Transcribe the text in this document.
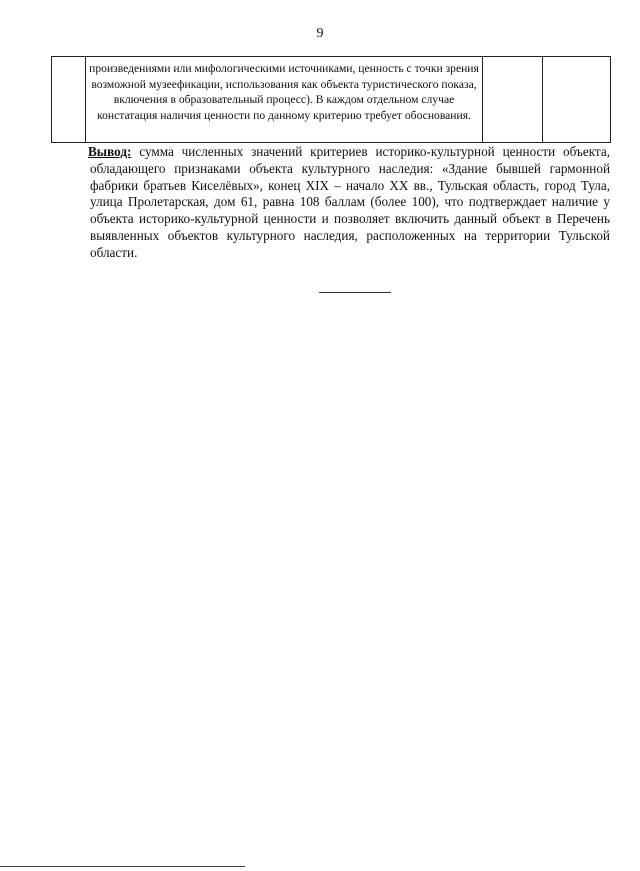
9
	произведениями или мифологическими источниками, ценность с точки зрения возможной музеефикации, использования как объекта туристического показа, включения в образовательный процесс). В каждом отдельном случае констатация наличия ценности по данному критерию требует обоснования.		
Вывод: сумма численных значений критериев историко-культурной ценности объекта, обладающего признаками объекта культурного наследия: «Здание бывшей гармонной фабрики братьев Киселёвых», конец XIX – начало XX вв., Тульская область, город Тула, улица Пролетарская, дом 61, равна 108 баллам (более 100), что подтверждает наличие у объекта историко-культурной ценности и позволяет включить данный объект в Перечень выявленных объектов культурного наследия, расположенных на территории Тульской области.
